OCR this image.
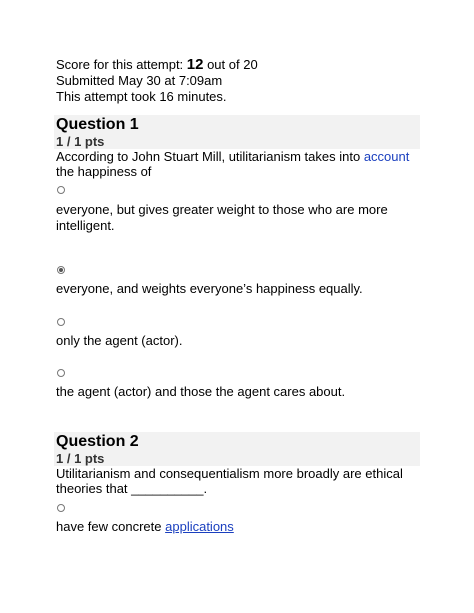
Score for this attempt: 12 out of 20
Submitted May 30 at 7:09am
This attempt took 16 minutes.
Question 1
1 / 1 pts
According to John Stuart Mill, utilitarianism takes into account the happiness of
everyone, but gives greater weight to those who are more intelligent.
everyone, and weights everyone’s happiness equally.
only the agent (actor).
the agent (actor) and those the agent cares about.
Question 2
1 / 1 pts
Utilitarianism and consequentialism more broadly are ethical theories that __________.
have few concrete applications
